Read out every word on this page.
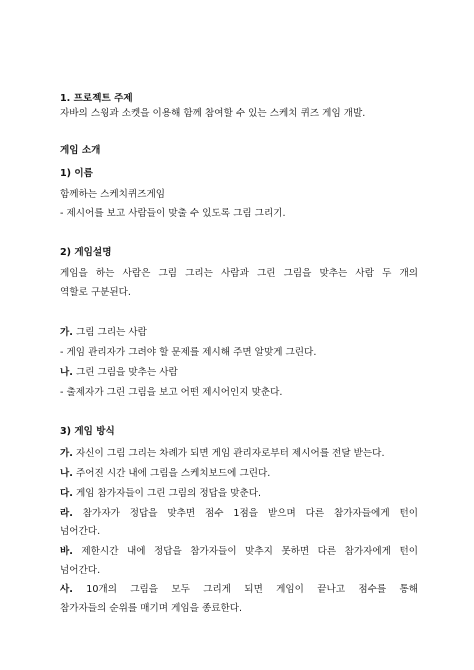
1. 프로젝트 주제
자바의 스윙과 소켓을 이용해 함께 참여할 수 있는 스케치 퀴즈 게임 개발.
게임 소개
1) 이름
함께하는 스케치퀴즈게임
- 제시어를 보고 사람들이 맞출 수 있도록 그림 그리기.
2) 게임설명
게임을 하는 사람은 그림 그리는 사람과 그린 그림을 맞추는 사람 두 개의
역할로 구분된다.
가. 그림 그리는 사람
- 게임 관리자가 그려야 할 문제를 제시해 주면 알맞게 그린다.
나. 그린 그림을 맞추는 사람
- 출제자가 그린 그림을 보고 어떤 제시어인지 맞춘다.
3) 게임 방식
가. 자신이 그림 그리는 차례가 되면 게임 관리자로부터 제시어를 전달 받는다.
나. 주어진 시간 내에 그림을 스케치보드에 그린다.
다. 게임 참가자들이 그린 그림의 정답을 맞춘다.
라. 참가자가 정답을 맞추면 점수 1점을 받으며 다른 참가자들에게 턴이
넘어간다.
바. 제한시간 내에 정답을 참가자들이 맞추지 못하면 다른 참가자에게 턴이
넘어간다.
사. 10개의 그림을 모두 그리게 되면 게임이 끝나고 점수를 통해
참가자들의 순위를 매기며 게임을 종료한다.
